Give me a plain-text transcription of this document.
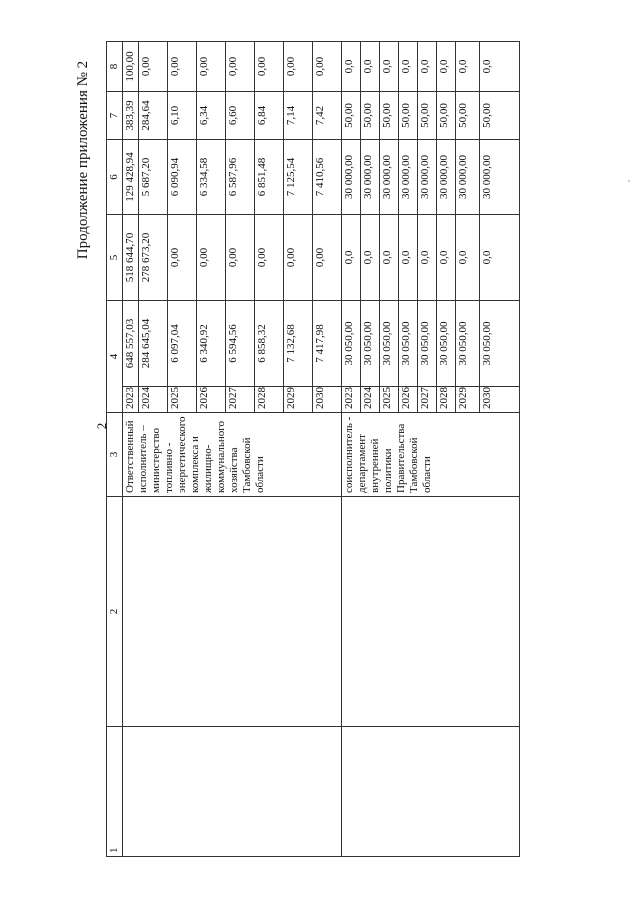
2
Продолжение приложения № 2
1	2	3	4		5	6	7	8
		Ответственный исполнитель – министерство топливно - энергетического комплекса и жилищно-коммунального хозяйства Тамбовской области	2023	648 557,03	518 644,70	129 428,94	383,39	100,00
			2024	284 645,04	278 673,20	5 687,20	284,64	0,00
			2025	6 097,04	0,00	6 090,94	6,10	0,00
			2026	6 340,92	0,00	6 334,58	6,34	0,00
			2027	6 594,56	0,00	6 587,96	6,60	0,00
			2028	6 858,32	0,00	6 851,48	6,84	0,00
			2029	7 132,68	0,00	7 125,54	7,14	0,00
			2030	7 417,98	0,00	7 410,56	7,42	0,00
		соисполнитель - департамент внутренней политики Правительства Тамбовской области	2023	30 050,00	0,0	30 000,00	50,00	0,0
			2024	30 050,00	0,0	30 000,00	50,00	0,0
			2025	30 050,00	0,0	30 000,00	50,00	0,0
			2026	30 050,00	0,0	30 000,00	50,00	0,0
			2027	30 050,00	0,0	30 000,00	50,00	0,0
			2028	30 050,00	0,0	30 000,00	50,00	0,0
			2029	30 050,00	0,0	30 000,00	50,00	0,0
			2030	30 050,00	0,0	30 000,00	50,00	0,0
